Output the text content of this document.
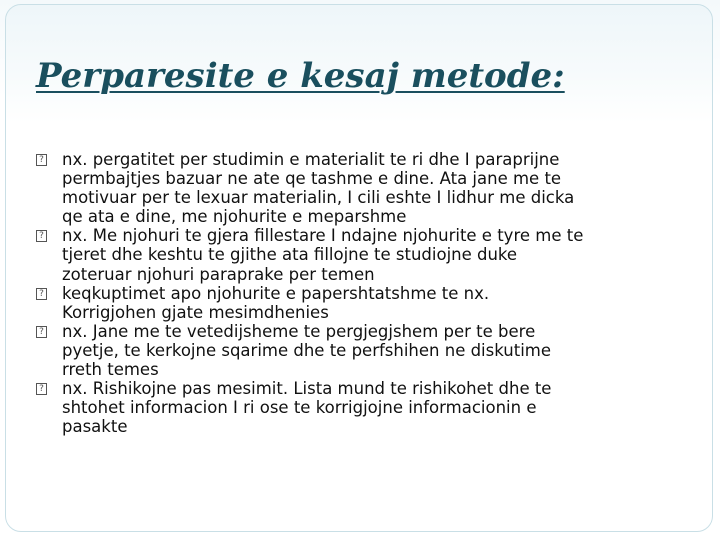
Perparesite e kesaj metode:
? nx. pergatitet per studimin e materialit te ri dhe I paraprijne
permbajtjes bazuar ne ate qe tashme e dine. Ata jane me te
motivuar per te lexuar materialin, I cili eshte I lidhur me dicka
qe ata e dine, me njohurite e meparshme
? nx. Me njohuri te gjera fillestare I ndajne njohurite e tyre me te
tjeret dhe keshtu te gjithe ata fillojne te studiojne duke
zoteruar njohuri paraprake per temen
? keqkuptimet apo njohurite e papershtatshme te nx.
Korrigjohen gjate mesimdhenies
? nx. Jane me te vetedijsheme te pergjegjshem per te bere
pyetje, te kerkojne sqarime dhe te perfshihen ne diskutime
rreth temes
? nx. Rishikojne pas mesimit. Lista mund te rishikohet dhe te
shtohet informacion I ri ose te korrigjojne informacionin e
pasakte
